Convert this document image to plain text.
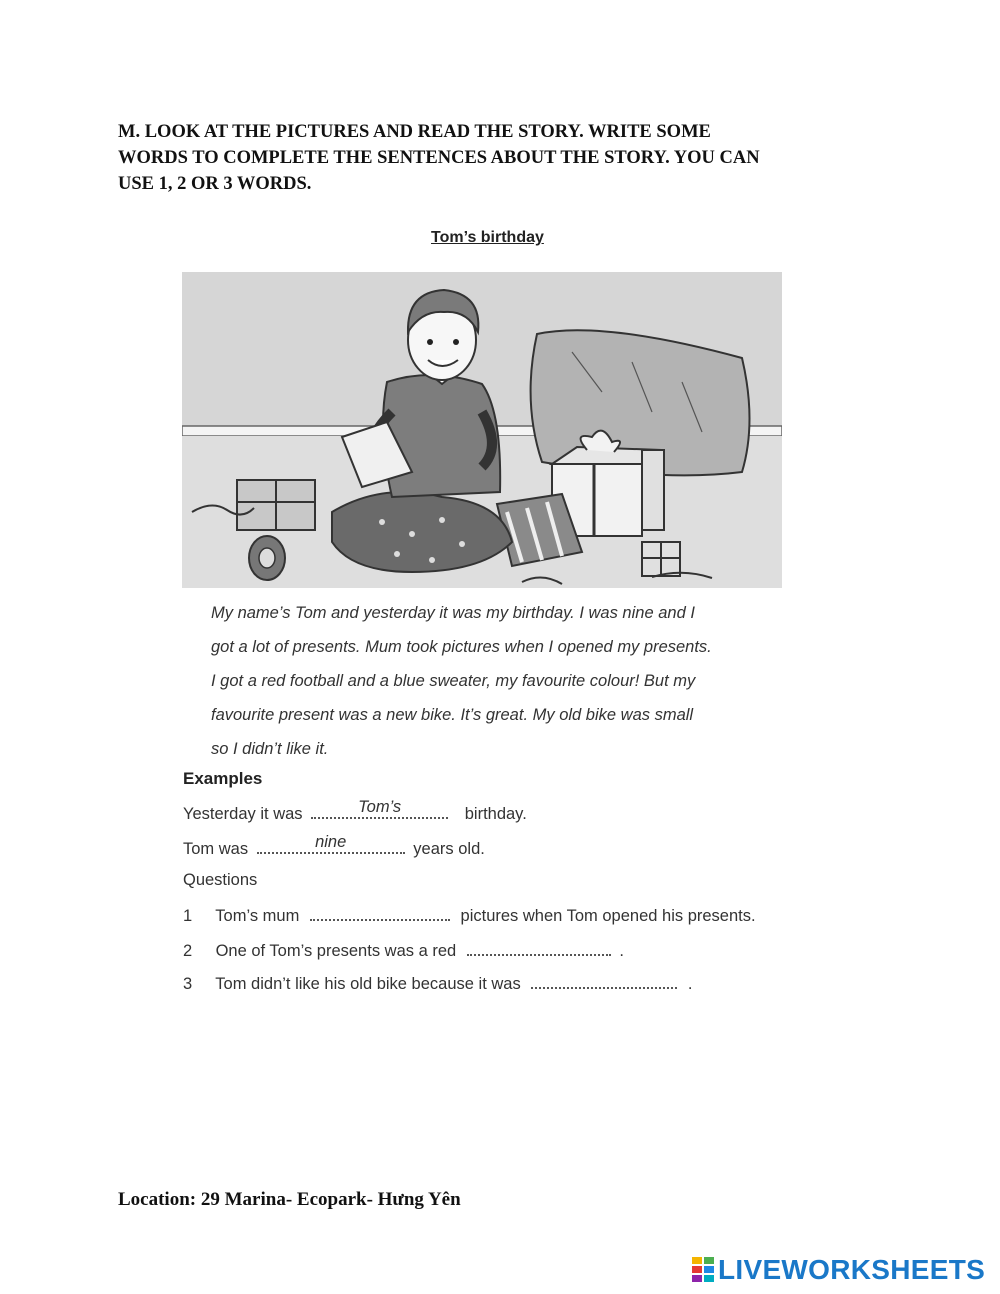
M. LOOK AT THE PICTURES AND READ THE STORY. WRITE SOME
WORDS TO COMPLETE THE SENTENCES ABOUT THE STORY. YOU CAN
USE 1, 2 OR 3 WORDS.
Tom’s birthday
My name’s Tom and yesterday it was my birthday. I was nine and I
got a lot of presents. Mum took pictures when I opened my presents.
I got a red football and a blue sweater, my favourite colour! But my
favourite present was a new bike. It’s great. My old bike was small
so I didn’t like it.
Examples
Yesterday it was	Tom’s	birthday.
Tom was	nine	years old.
Questions
1 Tom’s mum	pictures when Tom opened his presents.
2 One of Tom’s presents was a red	.
3 Tom didn’t like his old bike because it was	.
Location: 29 Marina- Ecopark- Hưng Yên
LIVEWORKSHEETS
